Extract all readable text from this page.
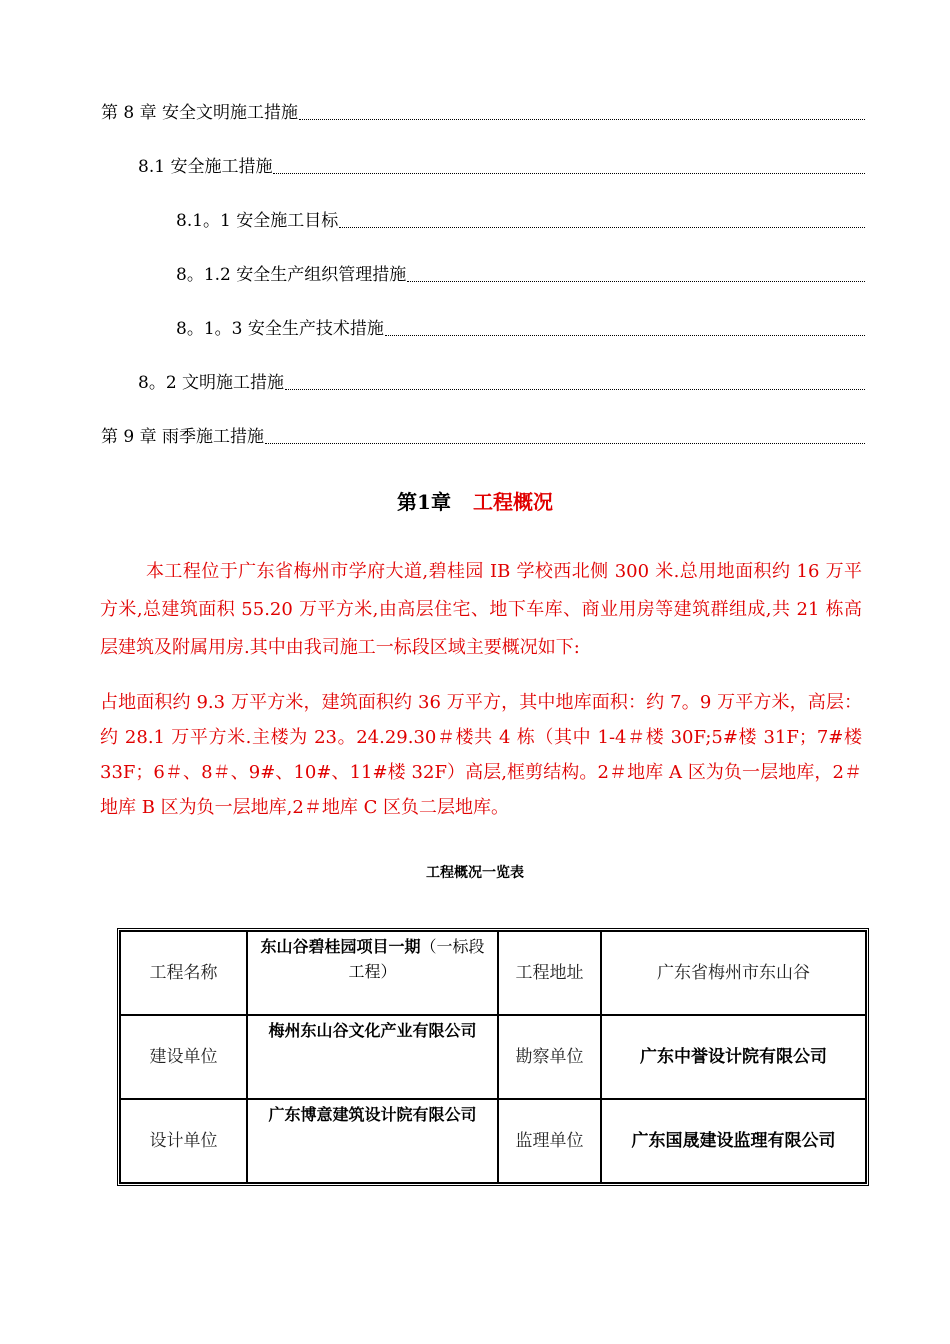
第 8 章 安全文明施工措施
8.1 安全施工措施
8.1。1 安全施工目标
8。1.2 安全生产组织管理措施
8。1。3 安全生产技术措施
8。2 文明施工措施
第 9 章 雨季施工措施
第1章 工程概况

本工程位于广东省梅州市学府大道,碧桂园 IB 学校西北侧 300 米.总用地面积约 16 万平方米,总建筑面积 55.20 万平方米,由高层住宅、地下车库、商业用房等建筑群组成,共 21 栋高层建筑及附属用房.其中由我司施工一标段区域主要概况如下:

占地面积约 9.3 万平方米，建筑面积约 36 万平方，其中地库面积：约 7。9 万平方米，高层：约 28.1 万平方米.主楼为 23。24.29.30＃楼共 4 栋（其中 1-4＃楼 30F;5#楼 31F；7#楼 33F；6＃、8＃、9#、10#、11#楼 32F）高层,框剪结构。2＃地库 A 区为负一层地库，2＃地库 B 区为负一层地库,2＃地库 C 区负二层地库。

工程概况一览表
工程名称	东山谷碧桂园项目一期（一标段工程）	工程地址	广东省梅州市东山谷
建设单位	梅州东山谷文化产业有限公司	勘察单位	广东中誉设计院有限公司
设计单位	广东博意建筑设计院有限公司	监理单位	广东国晟建设监理有限公司
